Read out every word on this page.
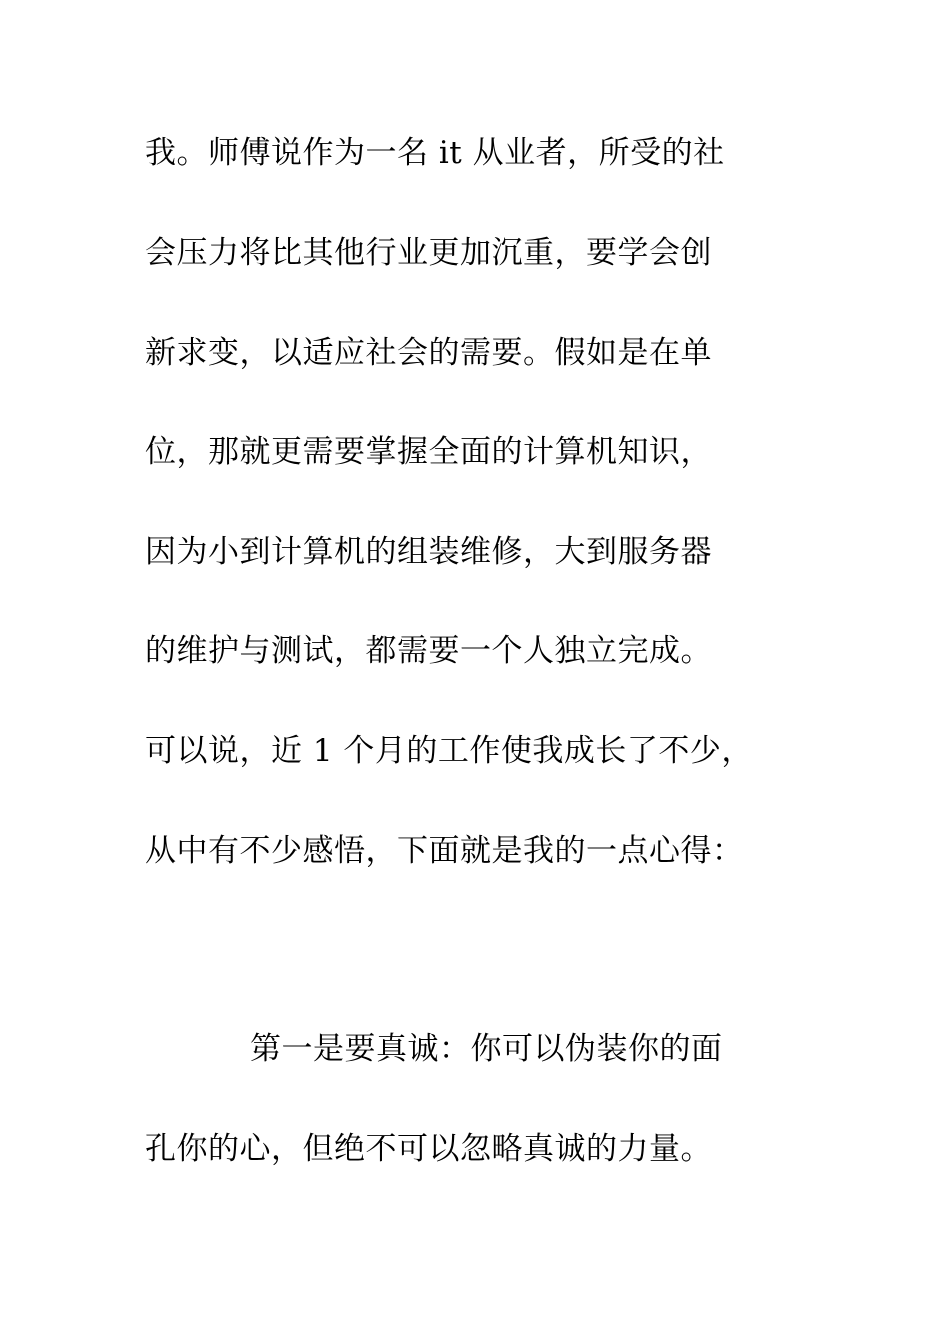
我。师傅说作为一名 it 从业者，所受的社
会压力将比其他行业更加沉重，要学会创
新求变，以适应社会的需要。假如是在单
位，那就更需要掌握全面的计算机知识，
因为小到计算机的组装维修，大到服务器
的维护与测试，都需要一个人独立完成。
可以说，近 1 个月的工作使我成长了不少，
从中有不少感悟，下面就是我的一点心得：
第一是要真诚：你可以伪装你的面
孔你的心，但绝不可以忽略真诚的力量。
